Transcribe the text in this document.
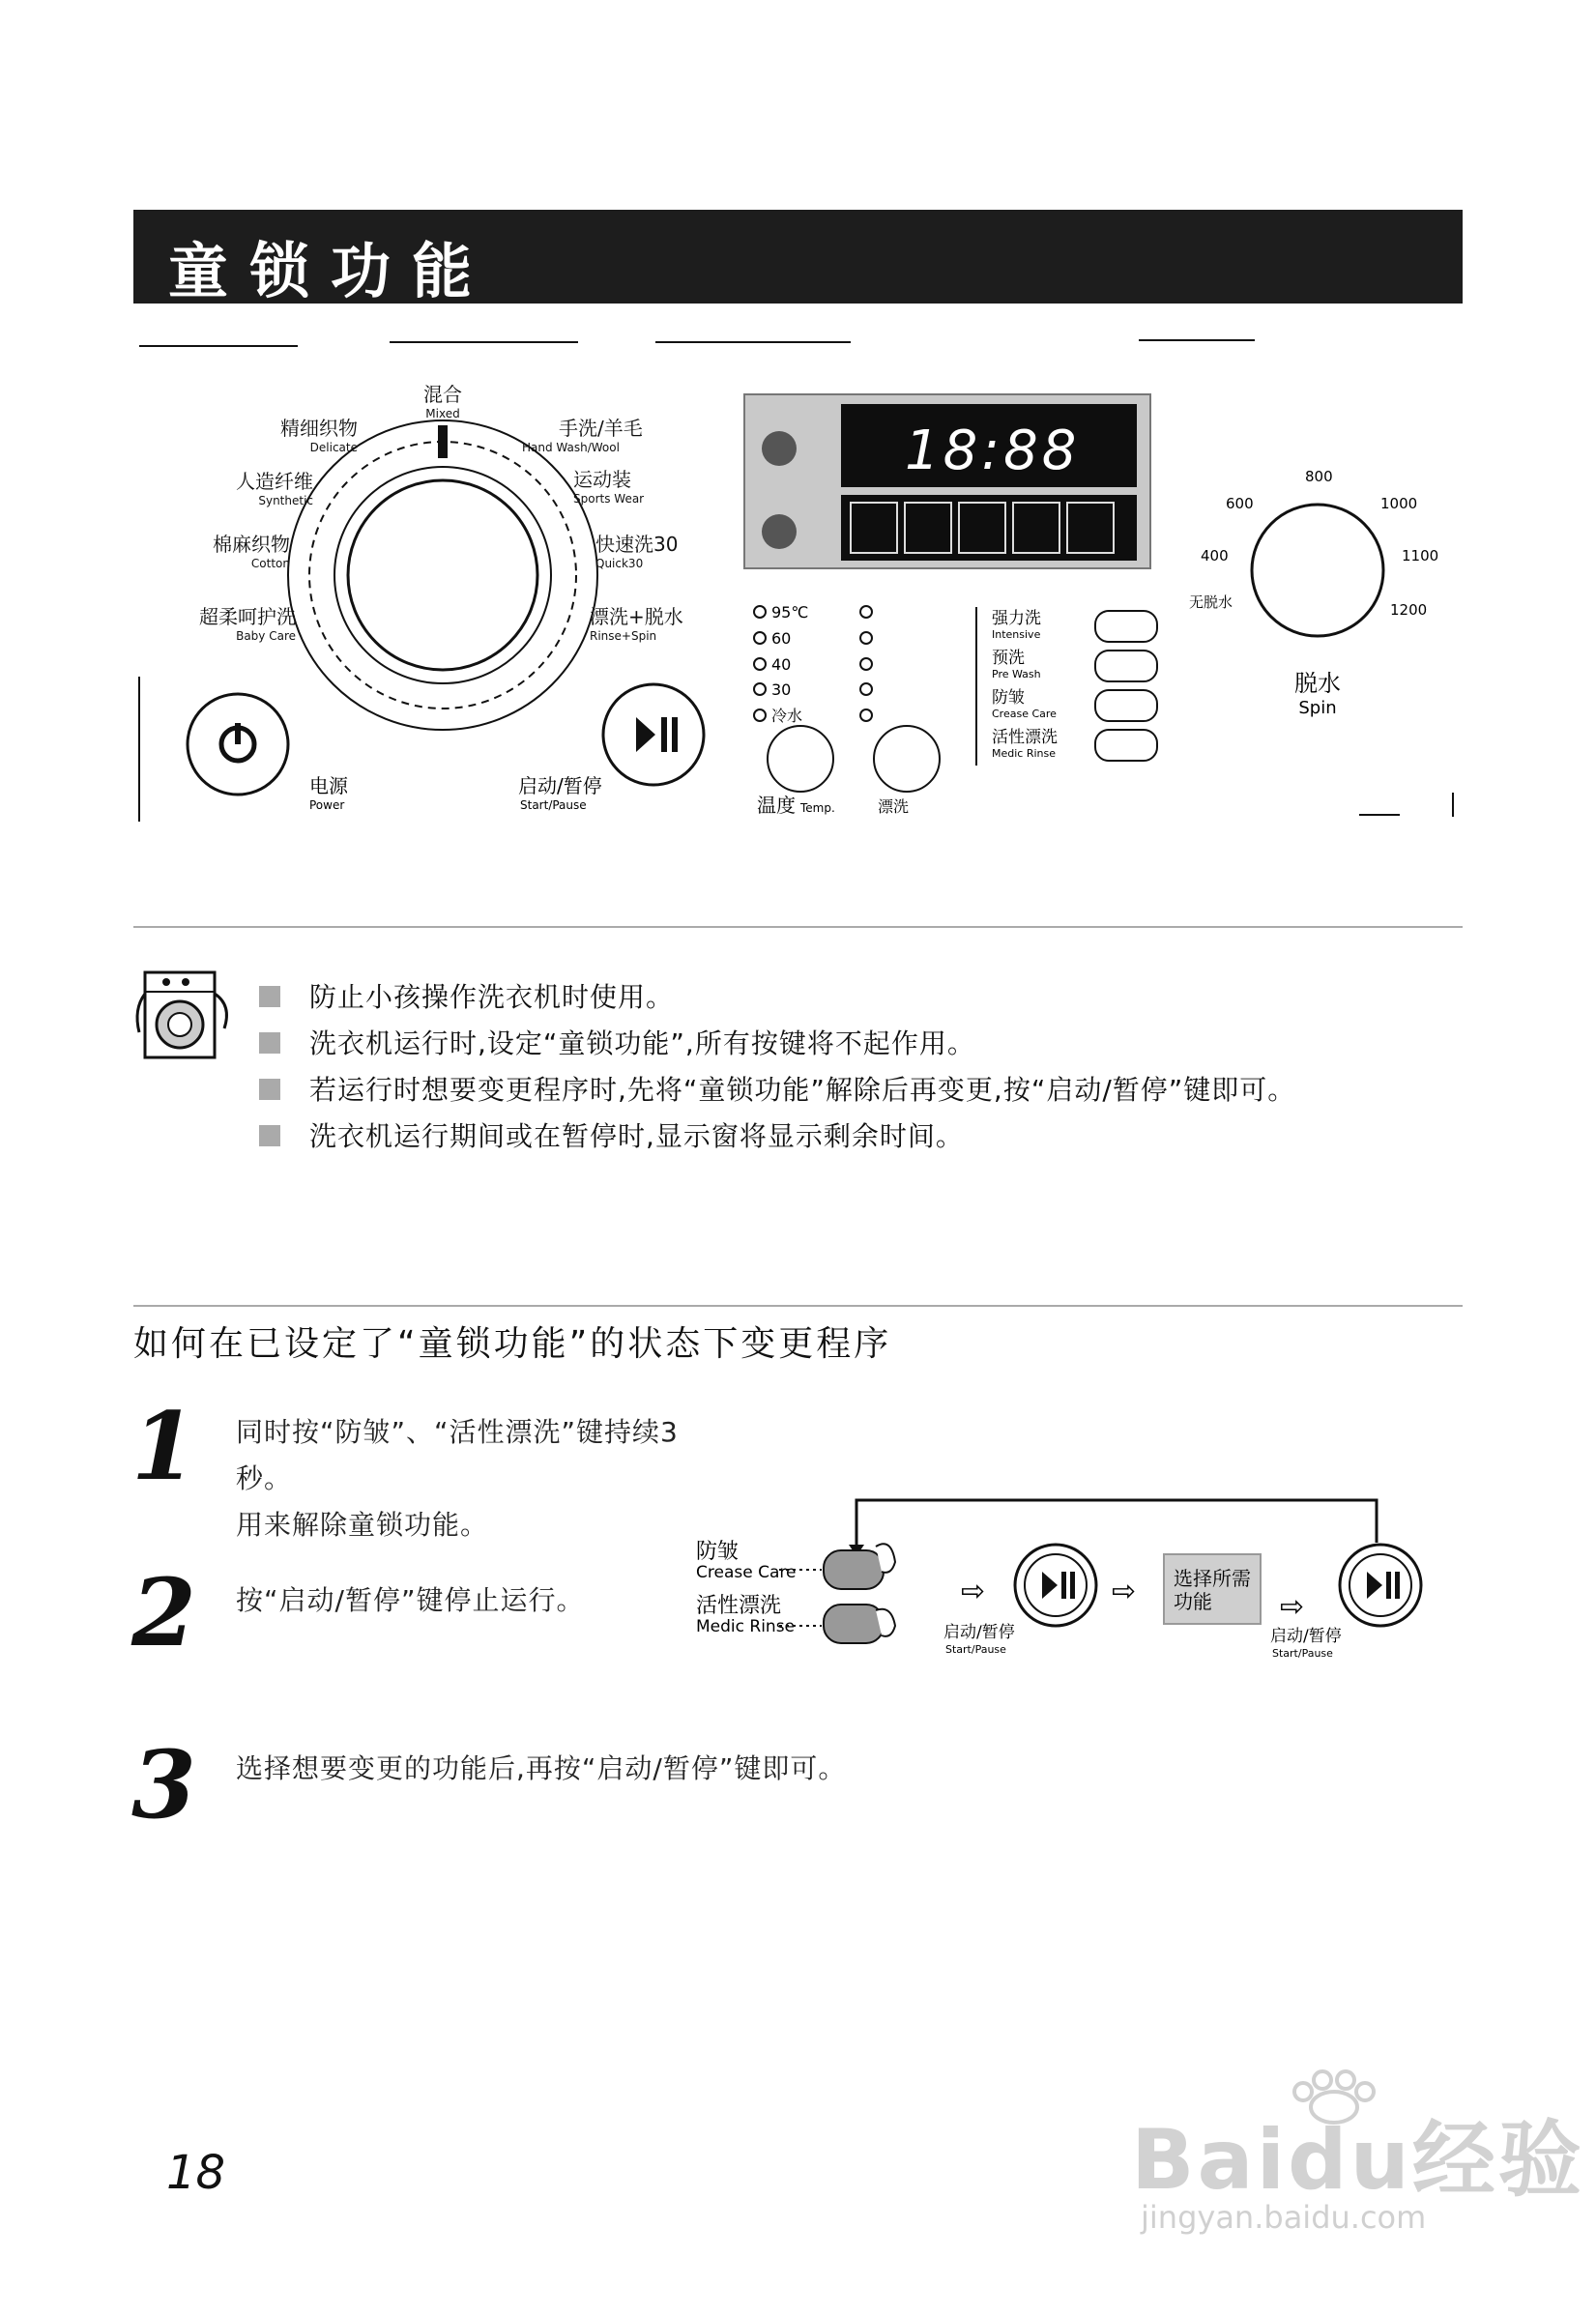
童锁功能
混合
Mixed
手洗/羊毛
Hand Wash/Wool
运动装
Sports Wear
快速洗30
Quick30
漂洗+脱水
Rinse+Spin
精细织物
Delicate
人造纤维
Synthetic
棉麻织物
Cotton
超柔呵护洗
Baby Care
电源
Power
启动/暂停
Start/Pause
18:88
95℃
60
40
30
冷水
温度 Temp.	漂洗
强力洗
Intensive
预洗
Pre Wash
防皱
Crease Care
活性漂洗
Medic Rinse
800
1000
1100
1200
400
600
无脱水
脱水
Spin
防止小孩操作洗衣机时使用。
洗衣机运行时,设定“童锁功能”,所有按键将不起作用。
若运行时想要变更程序时,先将“童锁功能”解除后再变更,按“启动/暂停”键即可。
洗衣机运行期间或在暂停时,显示窗将显示剩余时间。
如何在已设定了“童锁功能”的状态下变更程序
1 同时按“防皱”、“活性漂洗”键持续3
秒。
用来解除童锁功能。
2 按“启动/暂停”键停止运行。
3 选择想要变更的功能后,再按“启动/暂停”键即可。
防皱
Crease Care
活性漂洗
Medic Rinse
⇨
启动/暂停
Start/Pause
⇨ 选择所需
功能 ⇨
启动/暂停
Start/Pause
18	Baidu经验
jingyan.baidu.com
